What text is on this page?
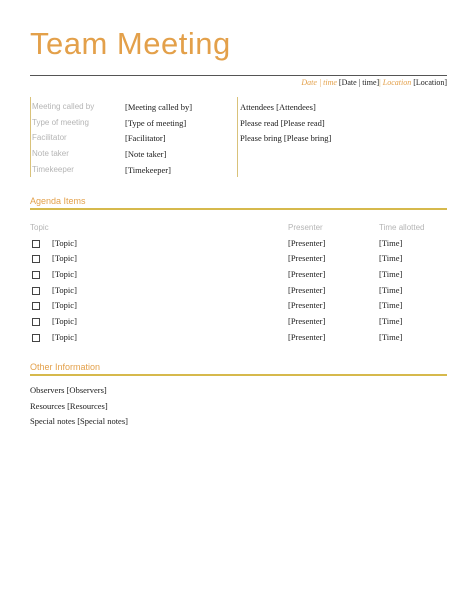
Team Meeting
Date | time [Date | time]| Location [Location]
Meeting called by	[Meeting called by]
Type of meeting	[Type of meeting]
Facilitator	[Facilitator]
Note taker	[Note taker]
Timekeeper	[Timekeeper]
Attendees [Attendees]
Please read [Please read]
Please bring [Please bring]
Agenda Items
Topic	Presenter	Time allotted
[Topic]	[Presenter]	[Time]
[Topic]	[Presenter]	[Time]
[Topic]	[Presenter]	[Time]
[Topic]	[Presenter]	[Time]
[Topic]	[Presenter]	[Time]
[Topic]	[Presenter]	[Time]
[Topic]	[Presenter]	[Time]
Other Information
Observers [Observers]
Resources [Resources]
Special notes [Special notes]
